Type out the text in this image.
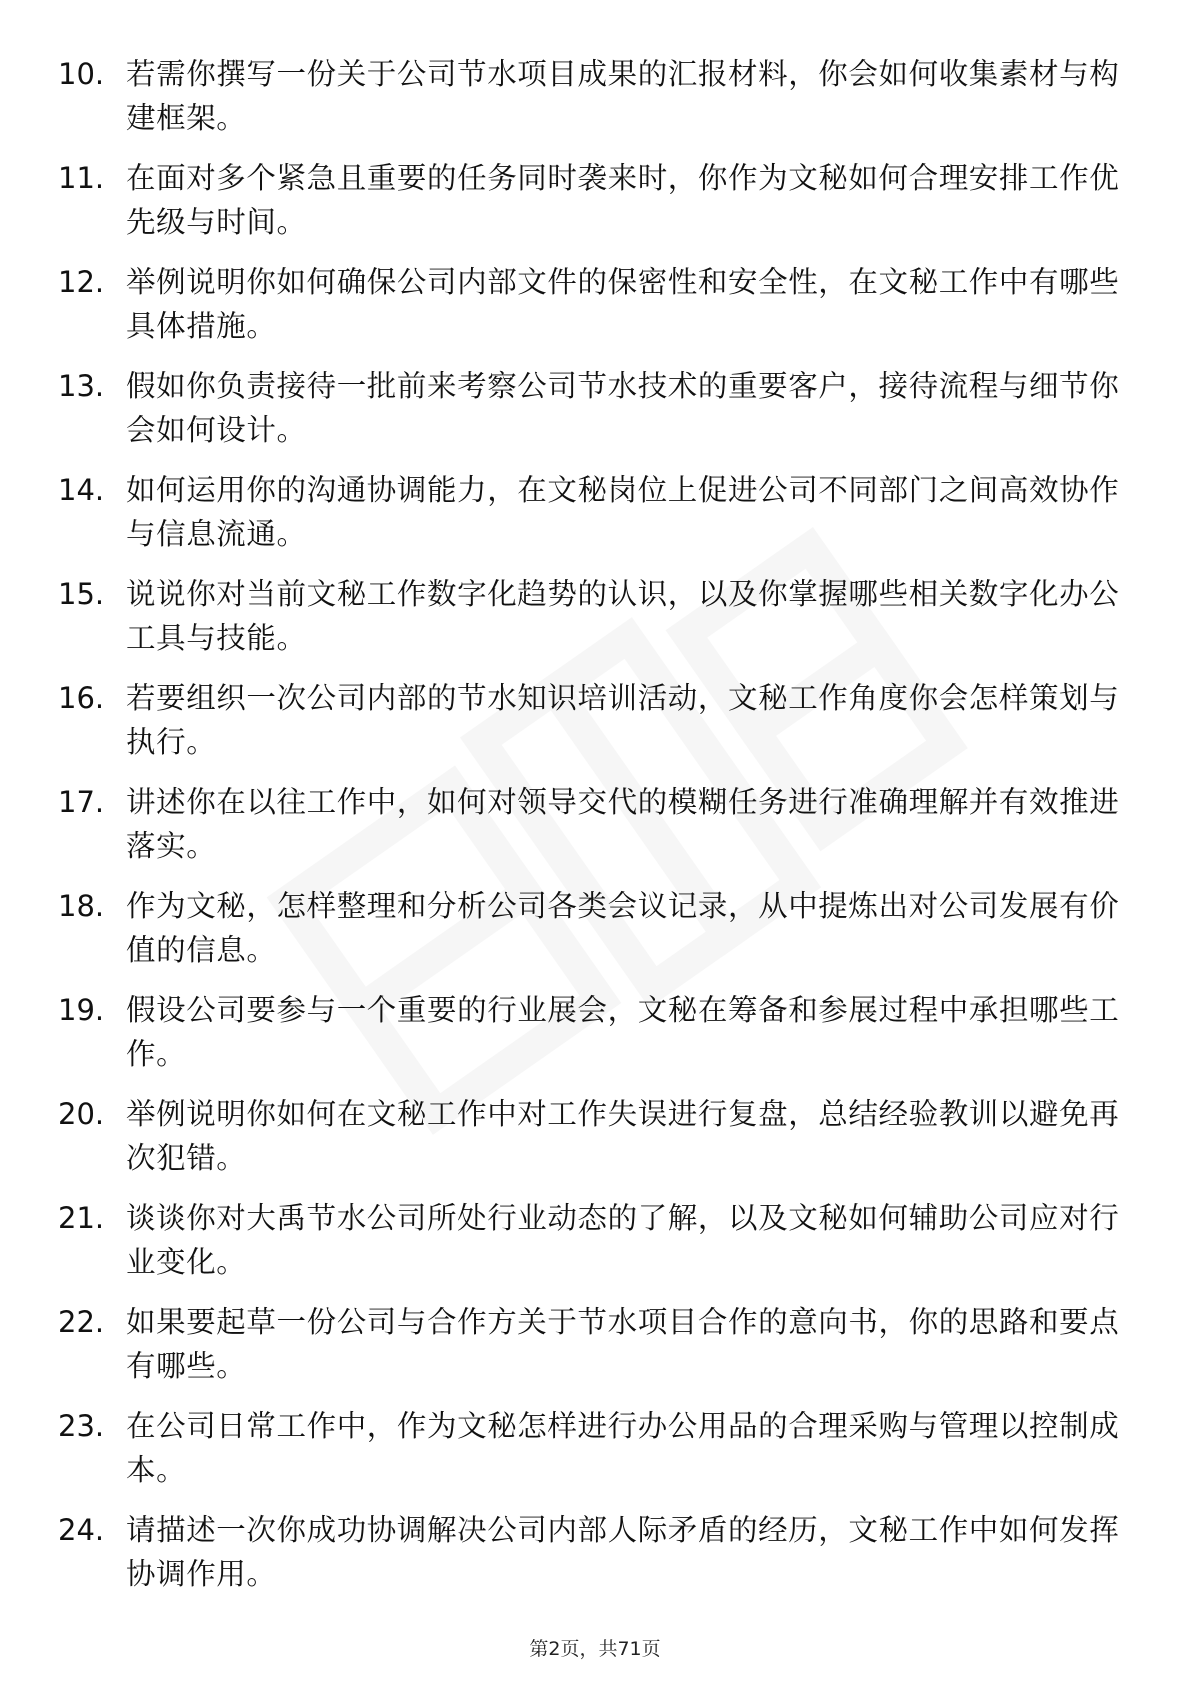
10. 若需你撰写一份关于公司节水项目成果的汇报材料，你会如何收集素材与构建框架。
11. 在面对多个紧急且重要的任务同时袭来时，你作为文秘如何合理安排工作优先级与时间。
12. 举例说明你如何确保公司内部文件的保密性和安全性，在文秘工作中有哪些具体措施。
13. 假如你负责接待一批前来考察公司节水技术的重要客户，接待流程与细节你会如何设计。
14. 如何运用你的沟通协调能力，在文秘岗位上促进公司不同部门之间高效协作与信息流通。
15. 说说你对当前文秘工作数字化趋势的认识，以及你掌握哪些相关数字化办公工具与技能。
16. 若要组织一次公司内部的节水知识培训活动，文秘工作角度你会怎样策划与执行。
17. 讲述你在以往工作中，如何对领导交代的模糊任务进行准确理解并有效推进落实。
18. 作为文秘，怎样整理和分析公司各类会议记录，从中提炼出对公司发展有价值的信息。
19. 假设公司要参与一个重要的行业展会，文秘在筹备和参展过程中承担哪些工作。
20. 举例说明你如何在文秘工作中对工作失误进行复盘，总结经验教训以避免再次犯错。
21. 谈谈你对大禹节水公司所处行业动态的了解，以及文秘如何辅助公司应对行业变化。
22. 如果要起草一份公司与合作方关于节水项目合作的意向书，你的思路和要点有哪些。
23. 在公司日常工作中，作为文秘怎样进行办公用品的合理采购与管理以控制成本。
24. 请描述一次你成功协调解决公司内部人际矛盾的经历，文秘工作中如何发挥协调作用。
第2页，共71页
